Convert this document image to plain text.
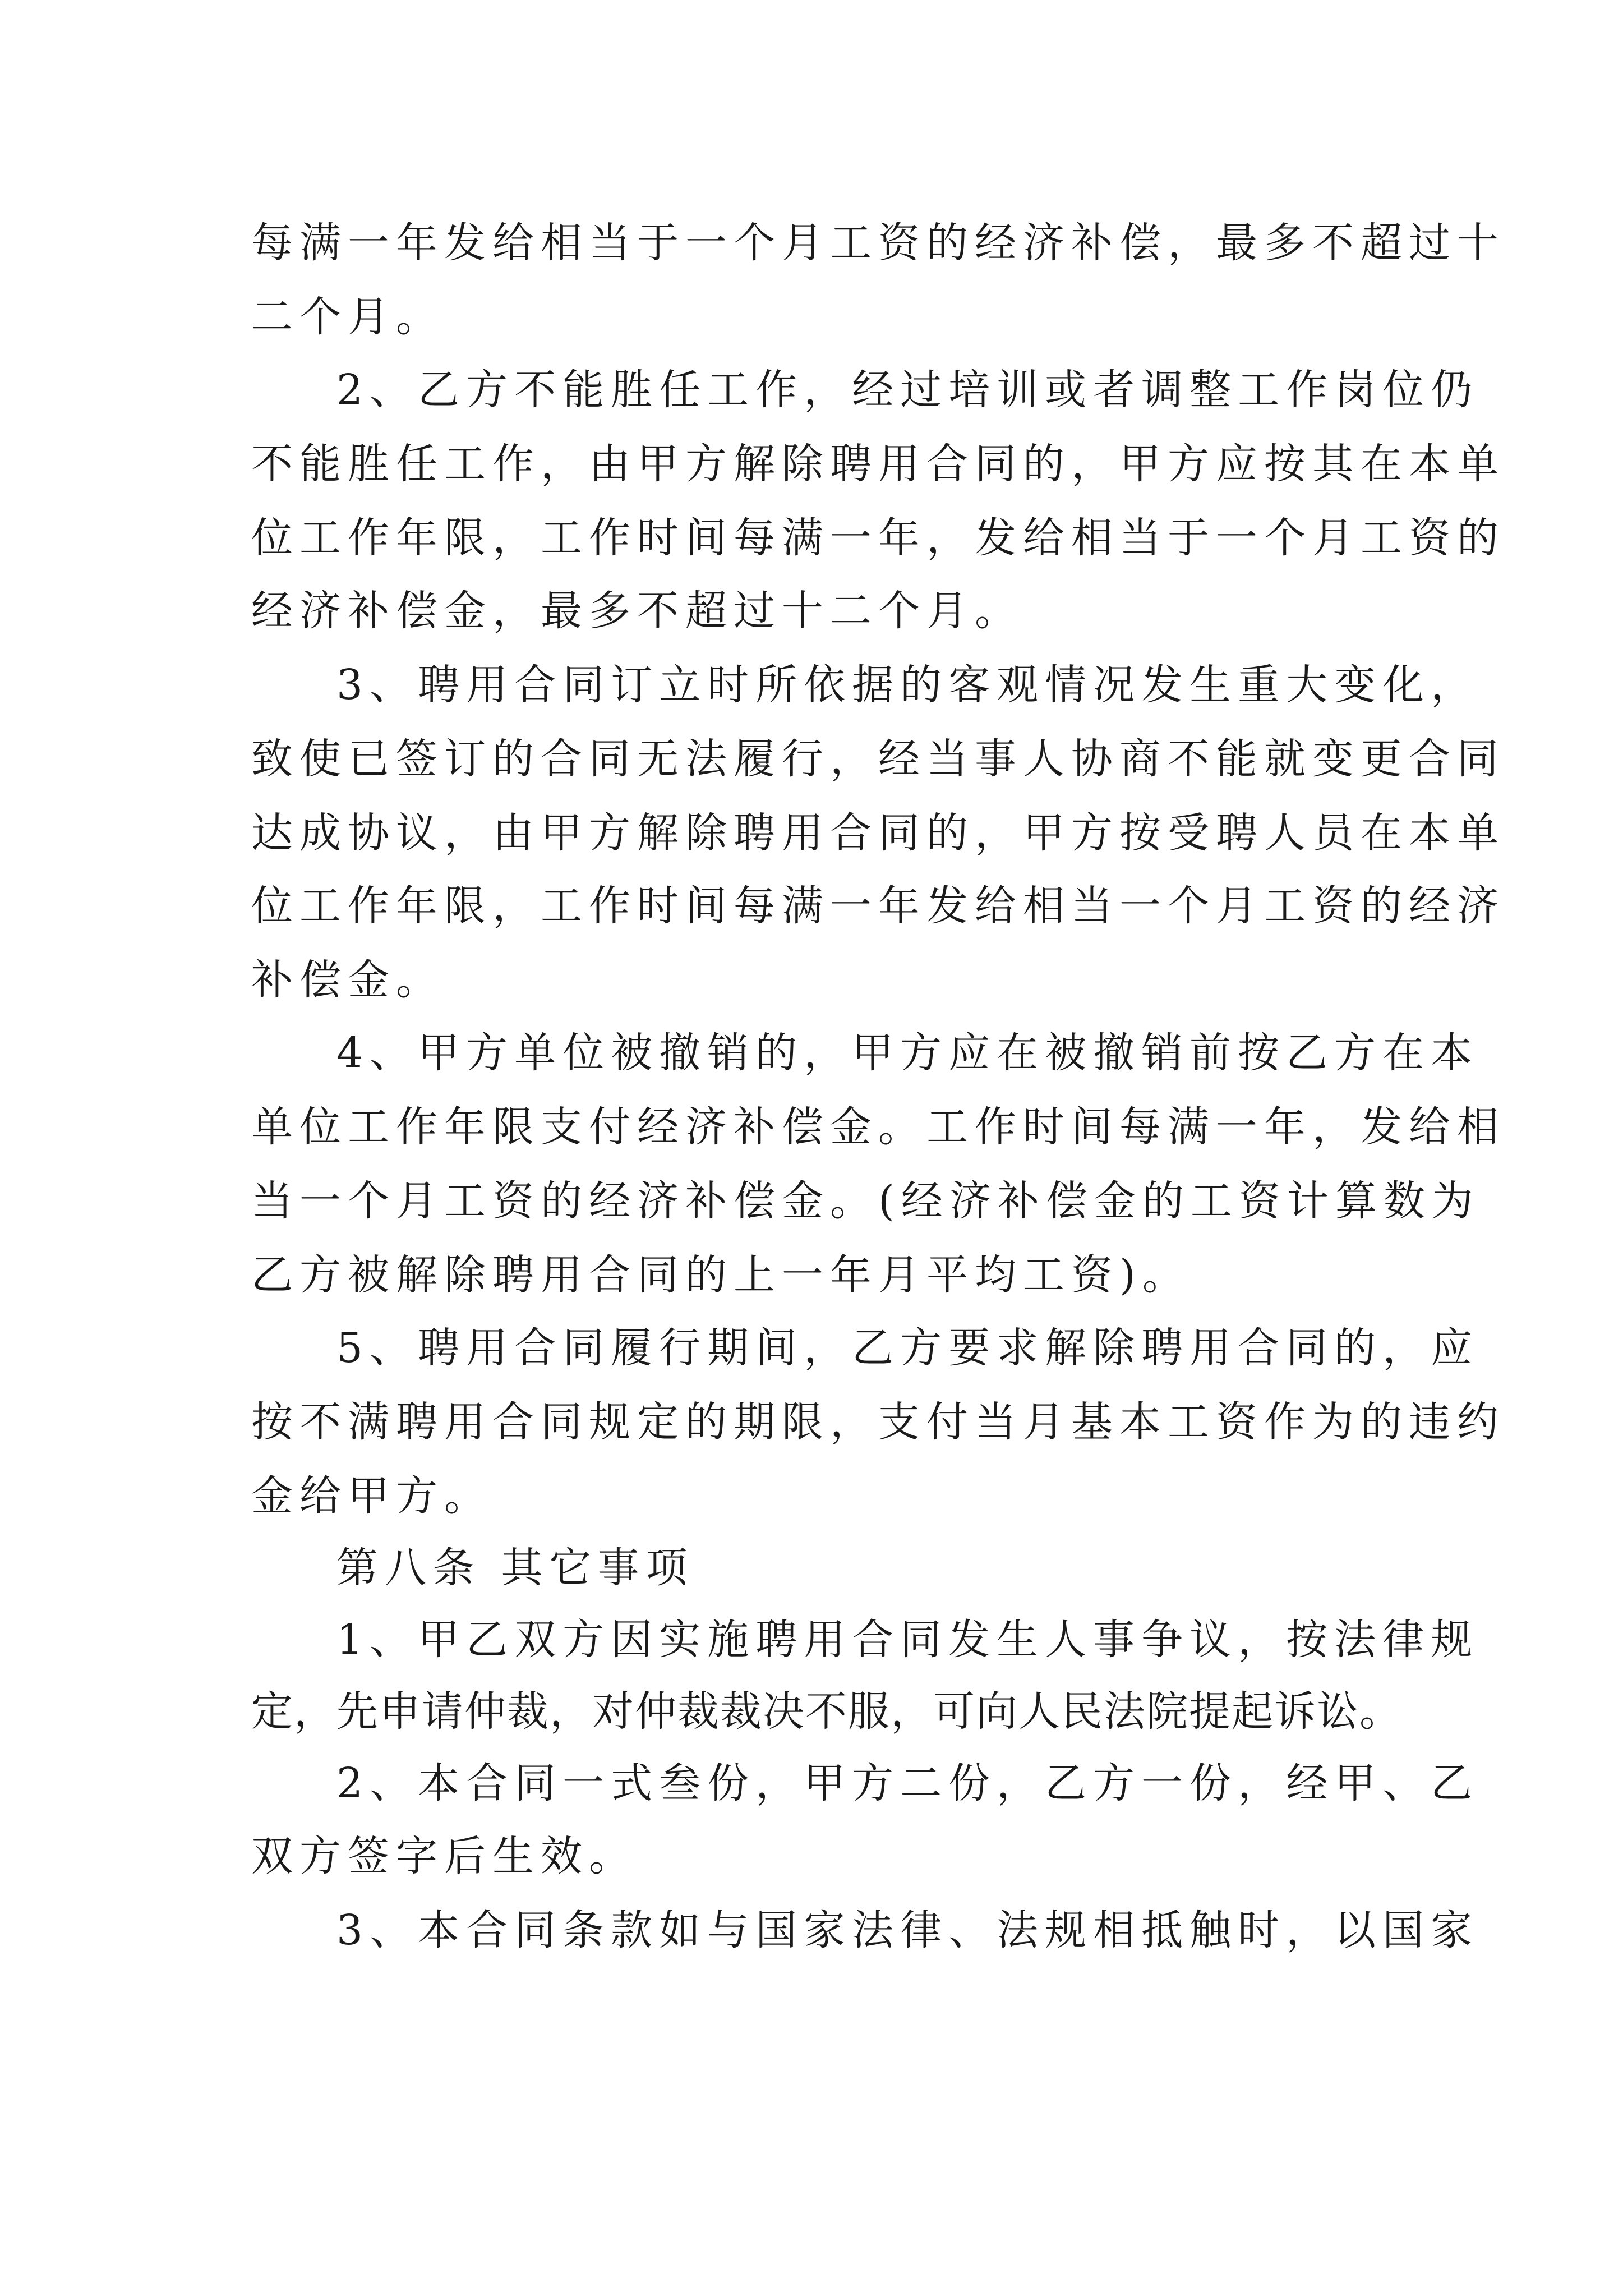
每满一年发给相当于一个月工资的经济补偿，最多不超过十

二个月。

2、乙方不能胜任工作，经过培训或者调整工作岗位仍

不能胜任工作，由甲方解除聘用合同的，甲方应按其在本单

位工作年限，工作时间每满一年，发给相当于一个月工资的

经济补偿金，最多不超过十二个月。

3、聘用合同订立时所依据的客观情况发生重大变化，

致使已签订的合同无法履行，经当事人协商不能就变更合同

达成协议，由甲方解除聘用合同的，甲方按受聘人员在本单

位工作年限，工作时间每满一年发给相当一个月工资的经济

补偿金。

4、甲方单位被撤销的，甲方应在被撤销前按乙方在本

单位工作年限支付经济补偿金。工作时间每满一年，发给相

当一个月工资的经济补偿金。(经济补偿金的工资计算数为

乙方被解除聘用合同的上一年月平均工资)。

5、聘用合同履行期间，乙方要求解除聘用合同的，应

按不满聘用合同规定的期限，支付当月基本工资作为的违约

金给甲方。

第八条 其它事项

1、甲乙双方因实施聘用合同发生人事争议，按法律规

定，先申请仲裁，对仲裁裁决不服，可向人民法院提起诉讼。

2、本合同一式叁份，甲方二份，乙方一份，经甲、乙

双方签字后生效。

3、本合同条款如与国家法律、法规相抵触时，以国家
